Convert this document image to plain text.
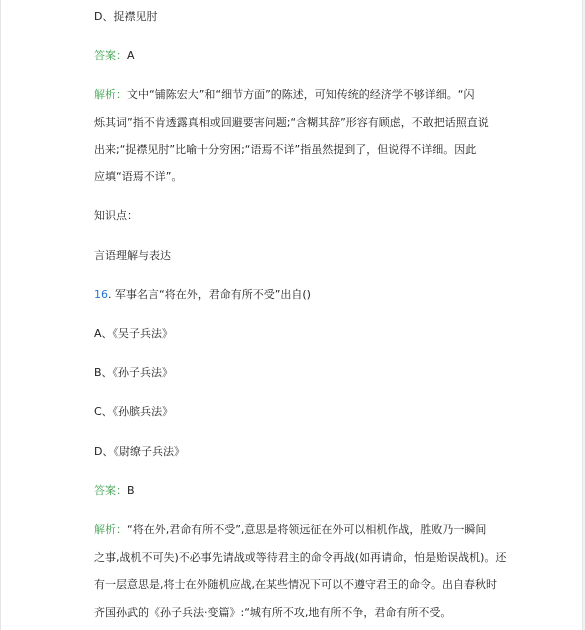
D、捉襟见肘
答案：A
解析：文中“铺陈宏大”和“细节方面”的陈述，可知传统的经济学不够详细。“闪
烁其词”指不肯透露真相或回避要害问题;“含糊其辞”形容有顾虑，不敢把话照直说
出来;“捉襟见肘”比喻十分穷困;“语焉不详”指虽然提到了，但说得不详细。因此
应填“语焉不详”。
知识点：
言语理解与表达
16. 军事名言“将在外，君命有所不受”出自()
A、《吴子兵法》
B、《孙子兵法》
C、《孙膑兵法》
D、《尉缭子兵法》
答案：B
解析：“将在外,君命有所不受”,意思是将领远征在外可以相机作战，胜败乃一瞬间
之事,战机不可失)不必事先请战或等待君主的命令再战(如再请命，怕是贻误战机)。还
有一层意思是,将士在外随机应战,在某些情况下可以不遵守君王的命令。出自春秋时
齐国孙武的《孙子兵法·变篇》:“城有所不攻,地有所不争，君命有所不受。
